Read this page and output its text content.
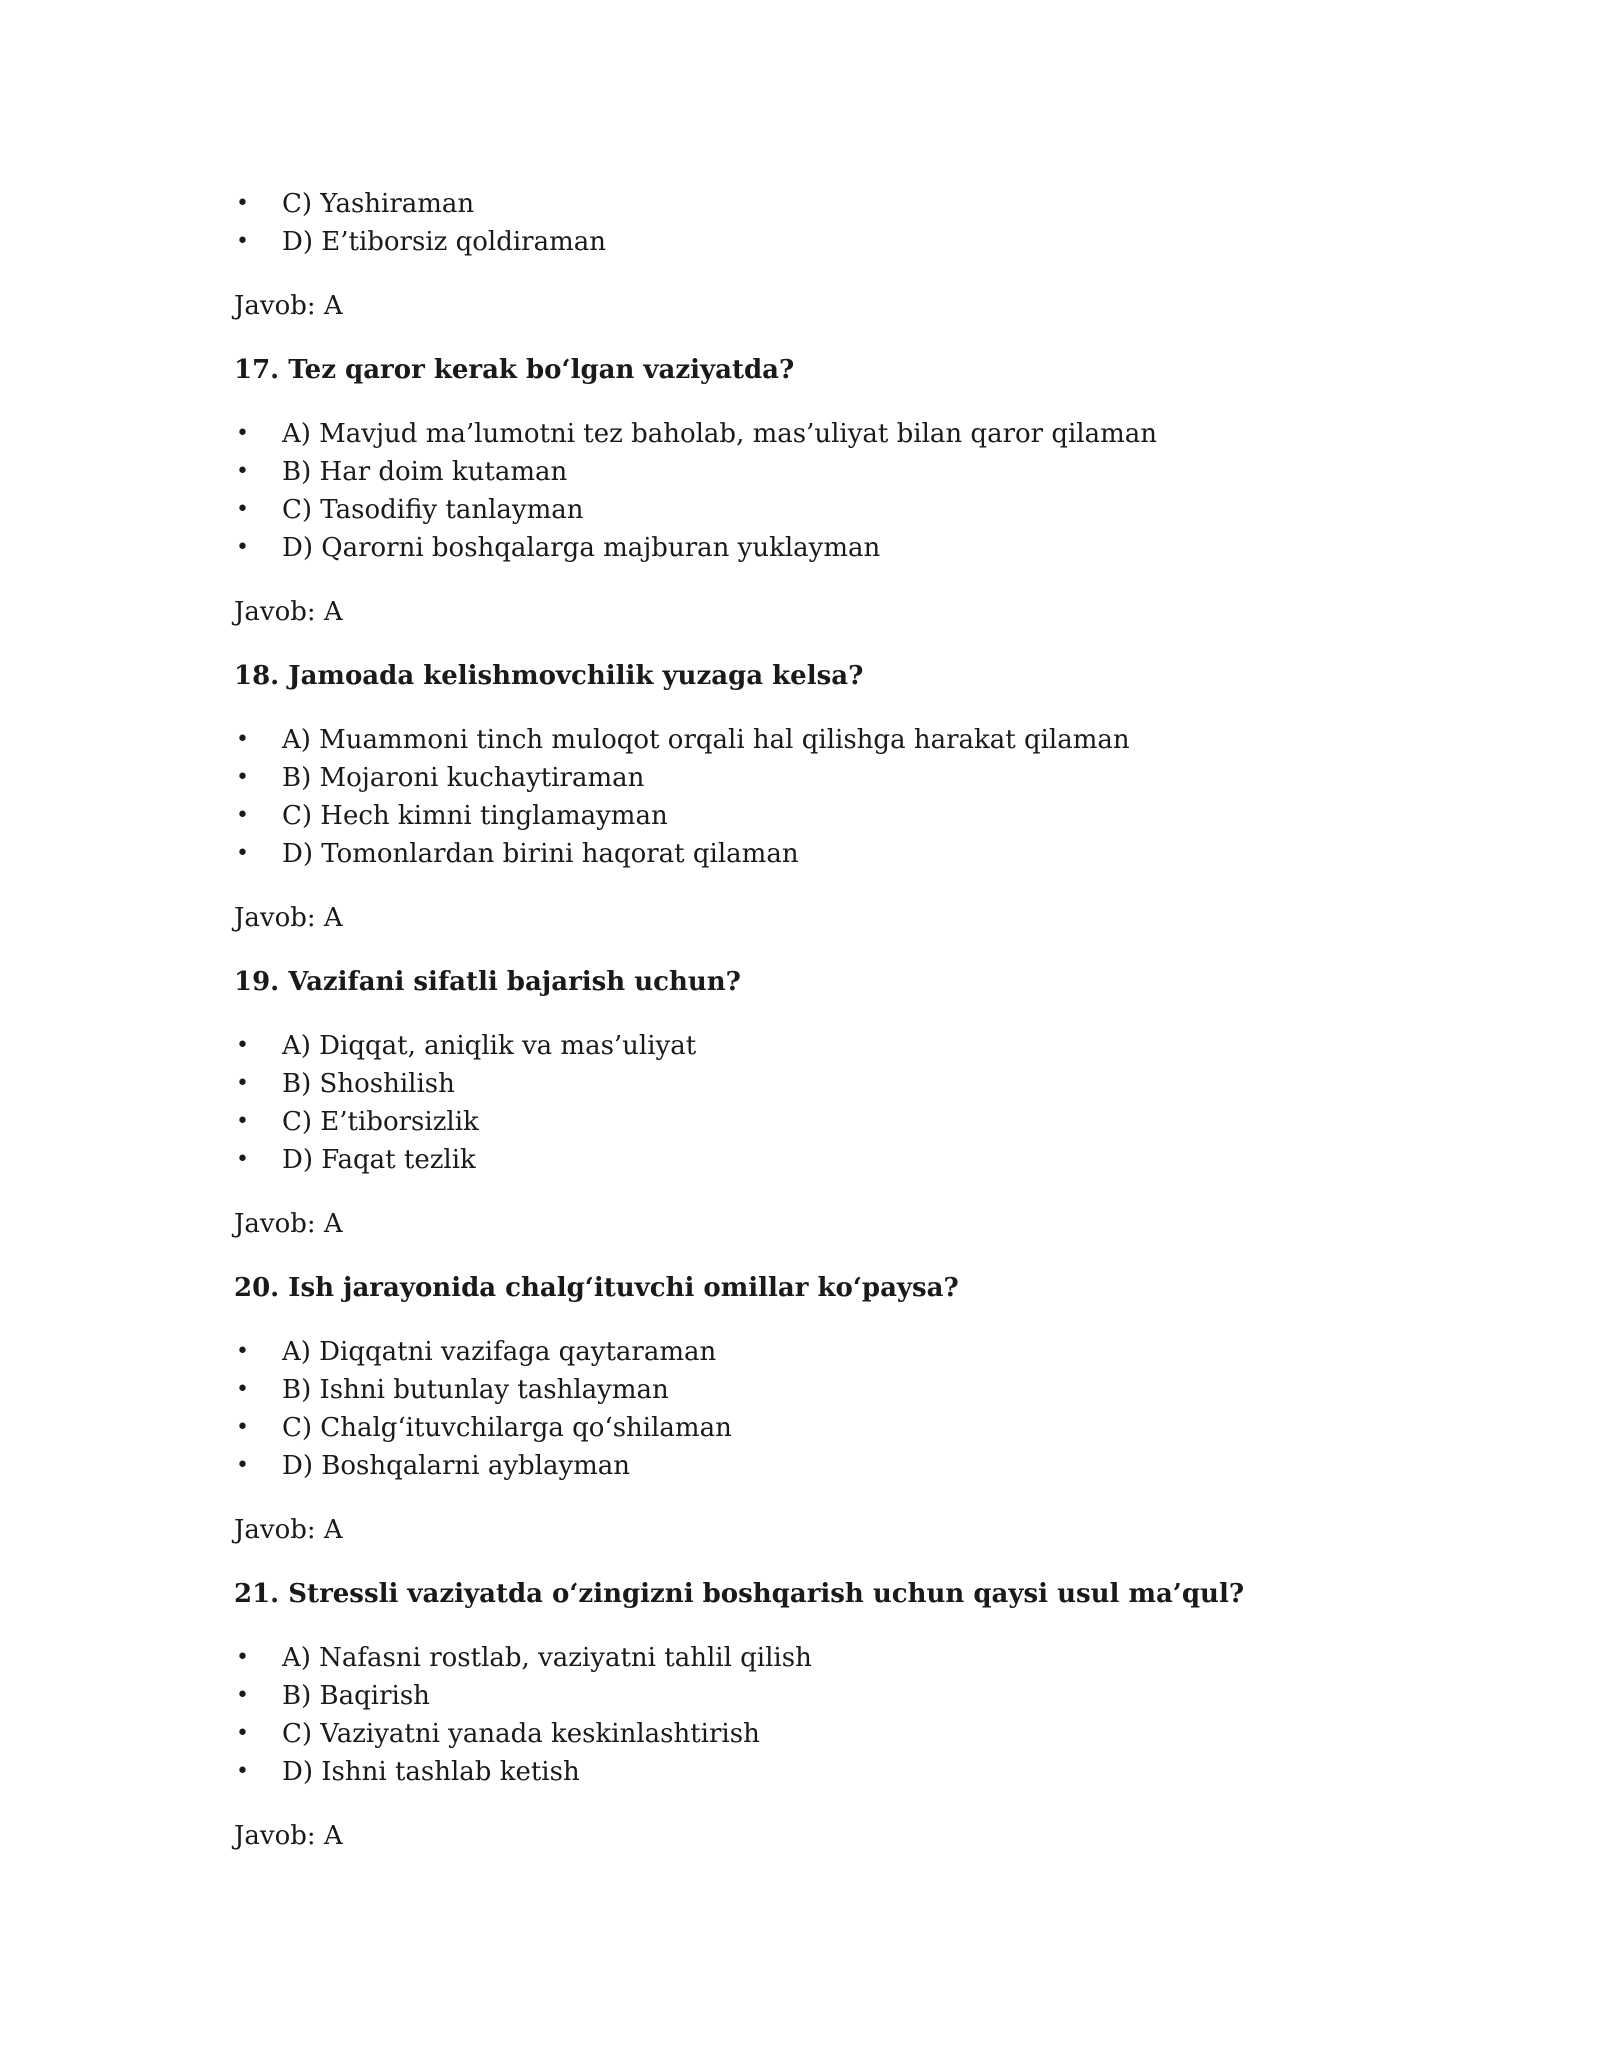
• C) Yashiraman
• D) E’tiborsiz qoldiraman
Javob: A
17. Tez qaror kerak bo‘lgan vaziyatda?
• A) Mavjud ma’lumotni tez baholab, mas’uliyat bilan qaror qilaman
• B) Har doim kutaman
• C) Tasodifiy tanlayman
• D) Qarorni boshqalarga majburan yuklayman
Javob: A
18. Jamoada kelishmovchilik yuzaga kelsa?
• A) Muammoni tinch muloqot orqali hal qilishga harakat qilaman
• B) Mojaroni kuchaytiraman
• C) Hech kimni tinglamayman
• D) Tomonlardan birini haqorat qilaman
Javob: A
19. Vazifani sifatli bajarish uchun?
• A) Diqqat, aniqlik va mas’uliyat
• B) Shoshilish
• C) E’tiborsizlik
• D) Faqat tezlik
Javob: A
20. Ish jarayonida chalg‘ituvchi omillar ko‘paysa?
• A) Diqqatni vazifaga qaytaraman
• B) Ishni butunlay tashlayman
• C) Chalg‘ituvchilarga qo‘shilaman
• D) Boshqalarni ayblayman
Javob: A
21. Stressli vaziyatda o‘zingizni boshqarish uchun qaysi usul ma’qul?
• A) Nafasni rostlab, vaziyatni tahlil qilish
• B) Baqirish
• C) Vaziyatni yanada keskinlashtirish
• D) Ishni tashlab ketish
Javob: A
